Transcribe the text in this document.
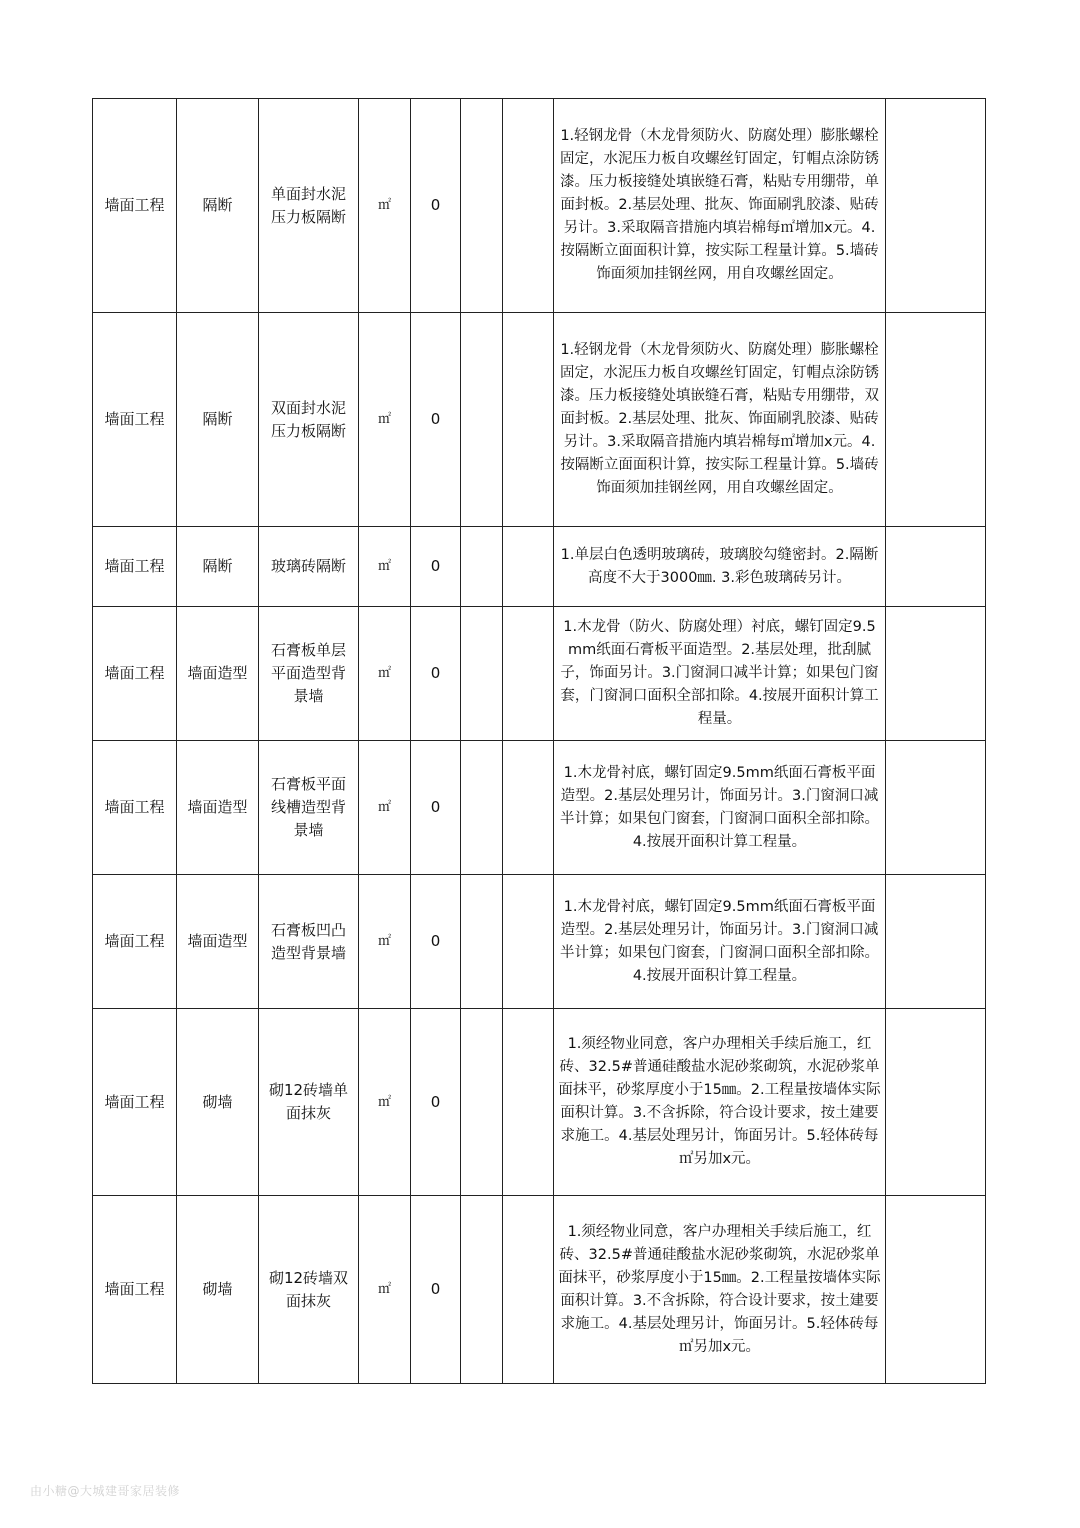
墙面工程	隔断	单面封水泥压力板隔断	㎡	0			1.轻钢龙骨（木龙骨须防火、防腐处理）膨胀螺栓固定，水泥压力板自攻螺丝钉固定，钉帽点涂防锈漆。压力板接缝处填嵌缝石膏，粘贴专用绷带，单面封板。2.基层处理、批灰、饰面刷乳胶漆、贴砖另计。3.采取隔音措施内填岩棉每㎡增加x元。4.按隔断立面面积计算，按实际工程量计算。5.墙砖饰面须加挂钢丝网，用自攻螺丝固定。	
墙面工程	隔断	双面封水泥压力板隔断	㎡	0			1.轻钢龙骨（木龙骨须防火、防腐处理）膨胀螺栓固定，水泥压力板自攻螺丝钉固定，钉帽点涂防锈漆。压力板接缝处填嵌缝石膏，粘贴专用绷带，双面封板。2.基层处理、批灰、饰面刷乳胶漆、贴砖另计。3.采取隔音措施内填岩棉每㎡增加x元。4.按隔断立面面积计算，按实际工程量计算。5.墙砖饰面须加挂钢丝网，用自攻螺丝固定。	
墙面工程	隔断	玻璃砖隔断	㎡	0			1.单层白色透明玻璃砖，玻璃胶勾缝密封。2.隔断高度不大于3000㎜. 3.彩色玻璃砖另计。	
墙面工程	墙面造型	石膏板单层平面造型背景墙	㎡	0			1.木龙骨（防火、防腐处理）衬底，螺钉固定9.5mm纸面石膏板平面造型。2.基层处理，批刮腻子，饰面另计。3.门窗洞口减半计算；如果包门窗套，门窗洞口面积全部扣除。4.按展开面积计算工程量。	
墙面工程	墙面造型	石膏板平面线槽造型背景墙	㎡	0			1.木龙骨衬底，螺钉固定9.5mm纸面石膏板平面造型。2.基层处理另计，饰面另计。3.门窗洞口减半计算；如果包门窗套，门窗洞口面积全部扣除。4.按展开面积计算工程量。	
墙面工程	墙面造型	石膏板凹凸造型背景墙	㎡	0			1.木龙骨衬底，螺钉固定9.5mm纸面石膏板平面造型。2.基层处理另计，饰面另计。3.门窗洞口减半计算；如果包门窗套，门窗洞口面积全部扣除。4.按展开面积计算工程量。	
墙面工程	砌墙	砌12砖墙单面抹灰	㎡	0			1.须经物业同意，客户办理相关手续后施工，红砖、32.5#普通硅酸盐水泥砂浆砌筑，水泥砂浆单面抹平，砂浆厚度小于15㎜。2.工程量按墙体实际面积计算。3.不含拆除，符合设计要求，按土建要求施工。4.基层处理另计，饰面另计。5.轻体砖每㎡另加x元。	
墙面工程	砌墙	砌12砖墙双面抹灰	㎡	0			1.须经物业同意，客户办理相关手续后施工，红砖、32.5#普通硅酸盐水泥砂浆砌筑，水泥砂浆单面抹平，砂浆厚度小于15㎜。2.工程量按墙体实际面积计算。3.不含拆除，符合设计要求，按土建要求施工。4.基层处理另计，饰面另计。5.轻体砖每㎡另加x元。	
由小糖@大城建哥家居装修
